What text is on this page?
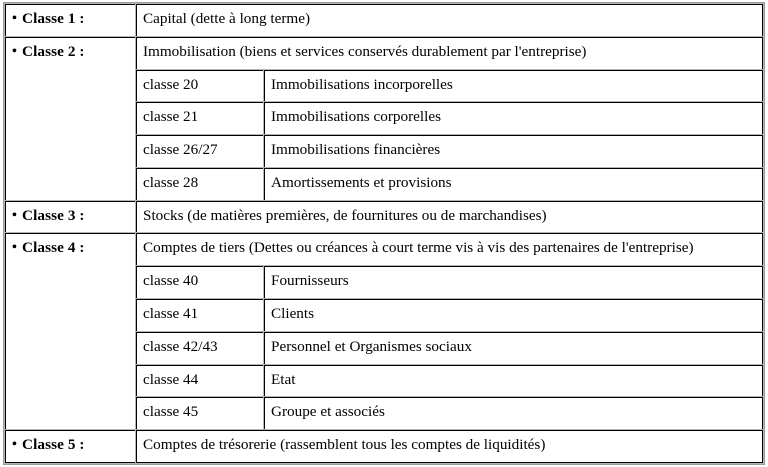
• Classe 1 :	Capital (dette à long terme)	
• Classe 2 :	Immobilisation (biens et services conservés durablement par l'entreprise)	
	classe 20	Immobilisations incorporelles
	classe 21	Immobilisations corporelles
	classe 26/27	Immobilisations financières
	classe 28	Amortissements et provisions
• Classe 3 :	Stocks (de matières premières, de fournitures ou de marchandises)	
• Classe 4 :	Comptes de tiers (Dettes ou créances à court terme vis à vis des partenaires de l'entreprise)	
	classe 40	Fournisseurs
	classe 41	Clients
	classe 42/43	Personnel et Organismes sociaux
	classe 44	Etat
	classe 45	Groupe et associés
• Classe 5 :	Comptes de trésorerie (rassemblent tous les comptes de liquidités)	
